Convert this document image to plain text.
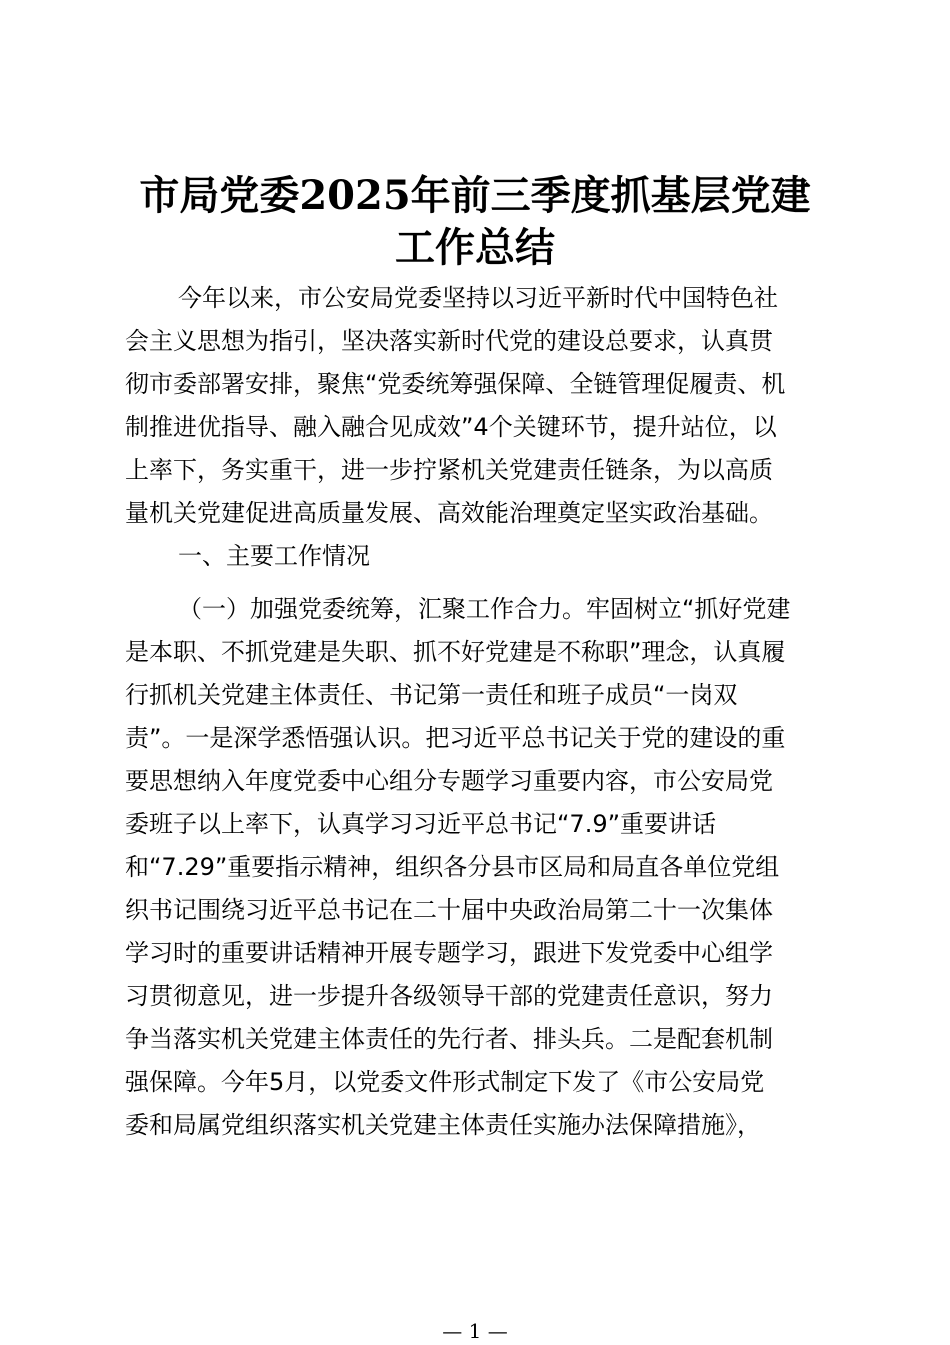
市局党委2025年前三季度抓基层党建
工作总结

今年以来，市公安局党委坚持以习近平新时代中国特色社

会主义思想为指引，坚决落实新时代党的建设总要求，认真贯

彻市委部署安排，聚焦“党委统筹强保障、全链管理促履责、机

制推进优指导、融入融合见成效”4个关键环节，提升站位，以

上率下，务实重干，进一步拧紧机关党建责任链条，为以高质

量机关党建促进高质量发展、高效能治理奠定坚实政治基础。

一、主要工作情况

（一）加强党委统筹，汇聚工作合力。牢固树立“抓好党建

是本职、不抓党建是失职、抓不好党建是不称职”理念，认真履

行抓机关党建主体责任、书记第一责任和班子成员“一岗双

责”。一是深学悉悟强认识。把习近平总书记关于党的建设的重

要思想纳入年度党委中心组分专题学习重要内容，市公安局党

委班子以上率下，认真学习习近平总书记“7.9”重要讲话

和“7.29”重要指示精神，组织各分县市区局和局直各单位党组

织书记围绕习近平总书记在二十届中央政治局第二十一次集体

学习时的重要讲话精神开展专题学习，跟进下发党委中心组学

习贯彻意见，进一步提升各级领导干部的党建责任意识，努力

争当落实机关党建主体责任的先行者、排头兵。二是配套机制

强保障。今年5月，以党委文件形式制定下发了《市公安局党

委和局属党组织落实机关党建主体责任实施办法保障措施》，

— 1 —
